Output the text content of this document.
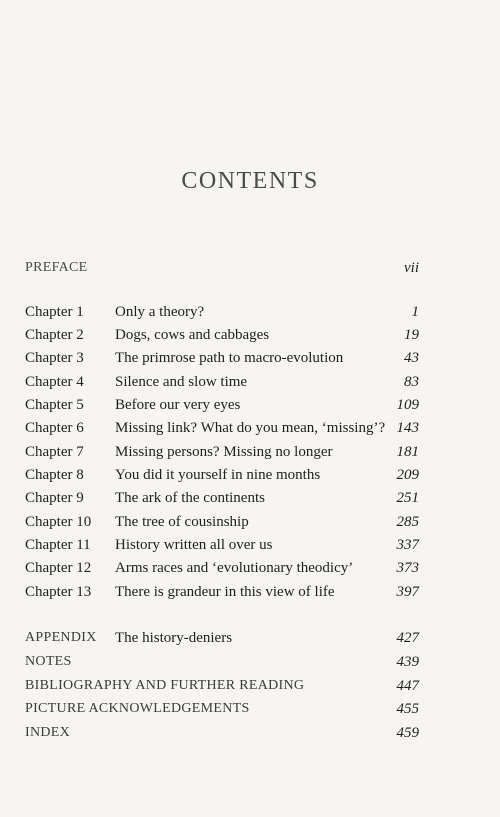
CONTENTS
PREFACE	vii
Chapter 1 Only a theory?	1
Chapter 2 Dogs, cows and cabbages	19
Chapter 3 The primrose path to macro-evolution	43
Chapter 4 Silence and slow time	83
Chapter 5 Before our very eyes	109
Chapter 6 Missing link? What do you mean, ‘missing’? 143
Chapter 7 Missing persons? Missing no longer	181
Chapter 8 You did it yourself in nine months	209
Chapter 9 The ark of the continents	251
Chapter 10 The tree of cousinship	285
Chapter 11 History written all over us	337
Chapter 12 Arms races and ‘evolutionary theodicy’	373
Chapter 13 There is grandeur in this view of life	397
APPENDIX The history-deniers	427
NOTES	439
BIBLIOGRAPHY AND FURTHER READING	447
PICTURE ACKNOWLEDGEMENTS	455
INDEX	459
